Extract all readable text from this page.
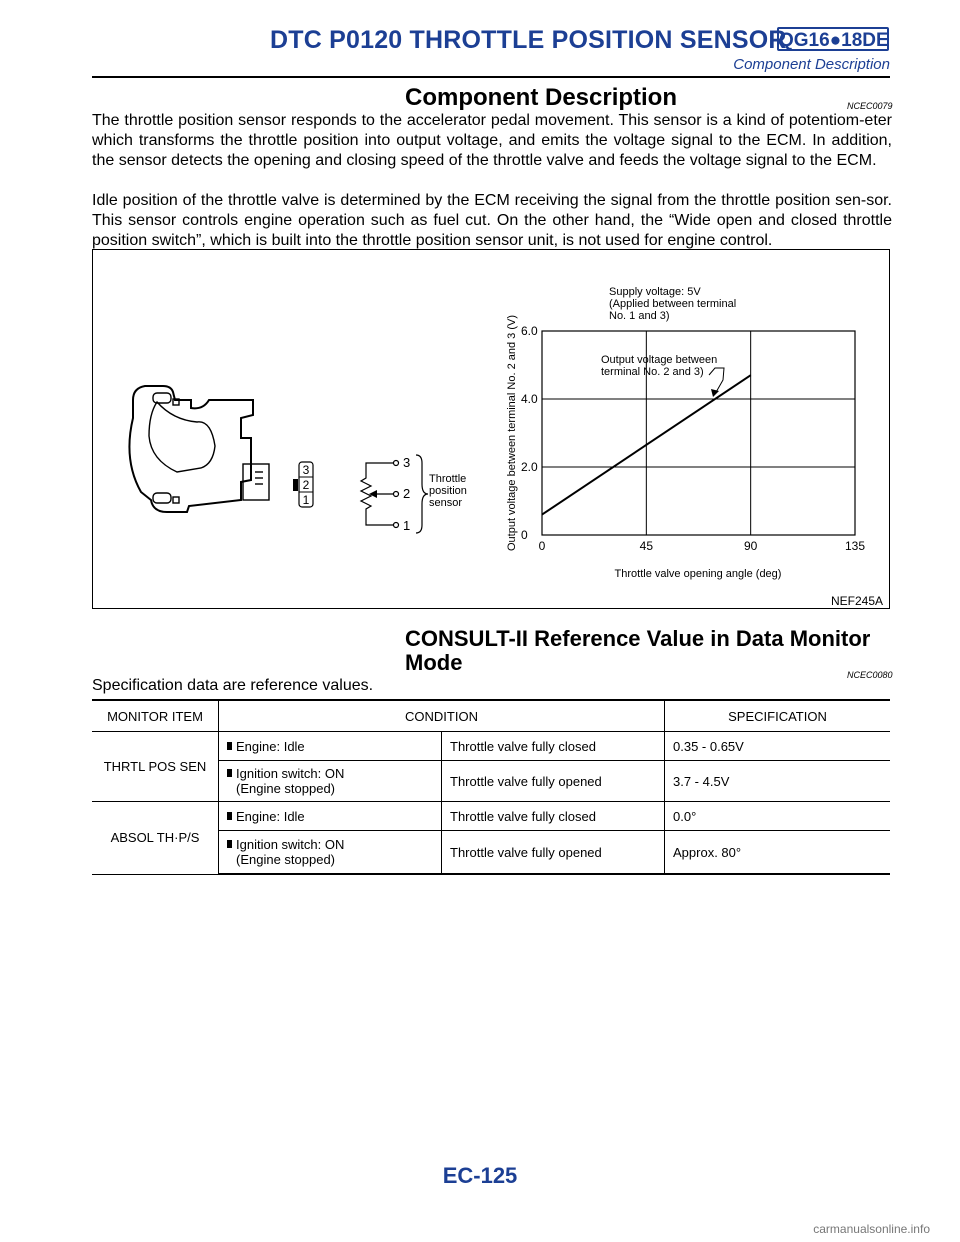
DTC P0120 THROTTLE POSITION SENSOR
QG16●18DE
Component Description
Component Description	NCEC0079

The throttle position sensor responds to the accelerator pedal movement. This sensor is a kind of potentiom-eter which transforms the throttle position into output voltage, and emits the voltage signal to the ECM. In addition, the sensor detects the opening and closing speed of the throttle valve and feeds the voltage signal to the ECM.

Idle position of the throttle valve is determined by the ECM receiving the signal from the throttle position sen-sor. This sensor controls engine operation such as fuel cut. On the other hand, the “Wide open and closed throttle position switch”, which is built into the throttle position sensor unit, is not used for engine control.

3
2
1
3
2
1
Throttle
position
sensor
0	45	90	135
0
2.0
4.0
6.0
Output voltage between terminal No. 2 and 3 (V)
Throttle valve opening angle (deg)
Supply voltage: 5V
(Applied between terminal
No. 1 and 3)
Output voltage between
terminal No. 2 and 3)
NEF245A
CONSULT-II Reference Value in Data Monitor
Mode	NCEC0080
Specification data are reference values.
MONITOR ITEM	CONDITION		SPECIFICATION
THRTL POS SEN	Engine: Idle	Throttle valve fully closed	0.35 - 0.65V
	Ignition switch: ON
(Engine stopped)	Throttle valve fully opened	3.7 - 4.5V
ABSOL TH·P/S	Engine: Idle	Throttle valve fully closed	0.0°
	Ignition switch: ON
(Engine stopped)	Throttle valve fully opened	Approx. 80°
EC-125
carmanualsonline.info
